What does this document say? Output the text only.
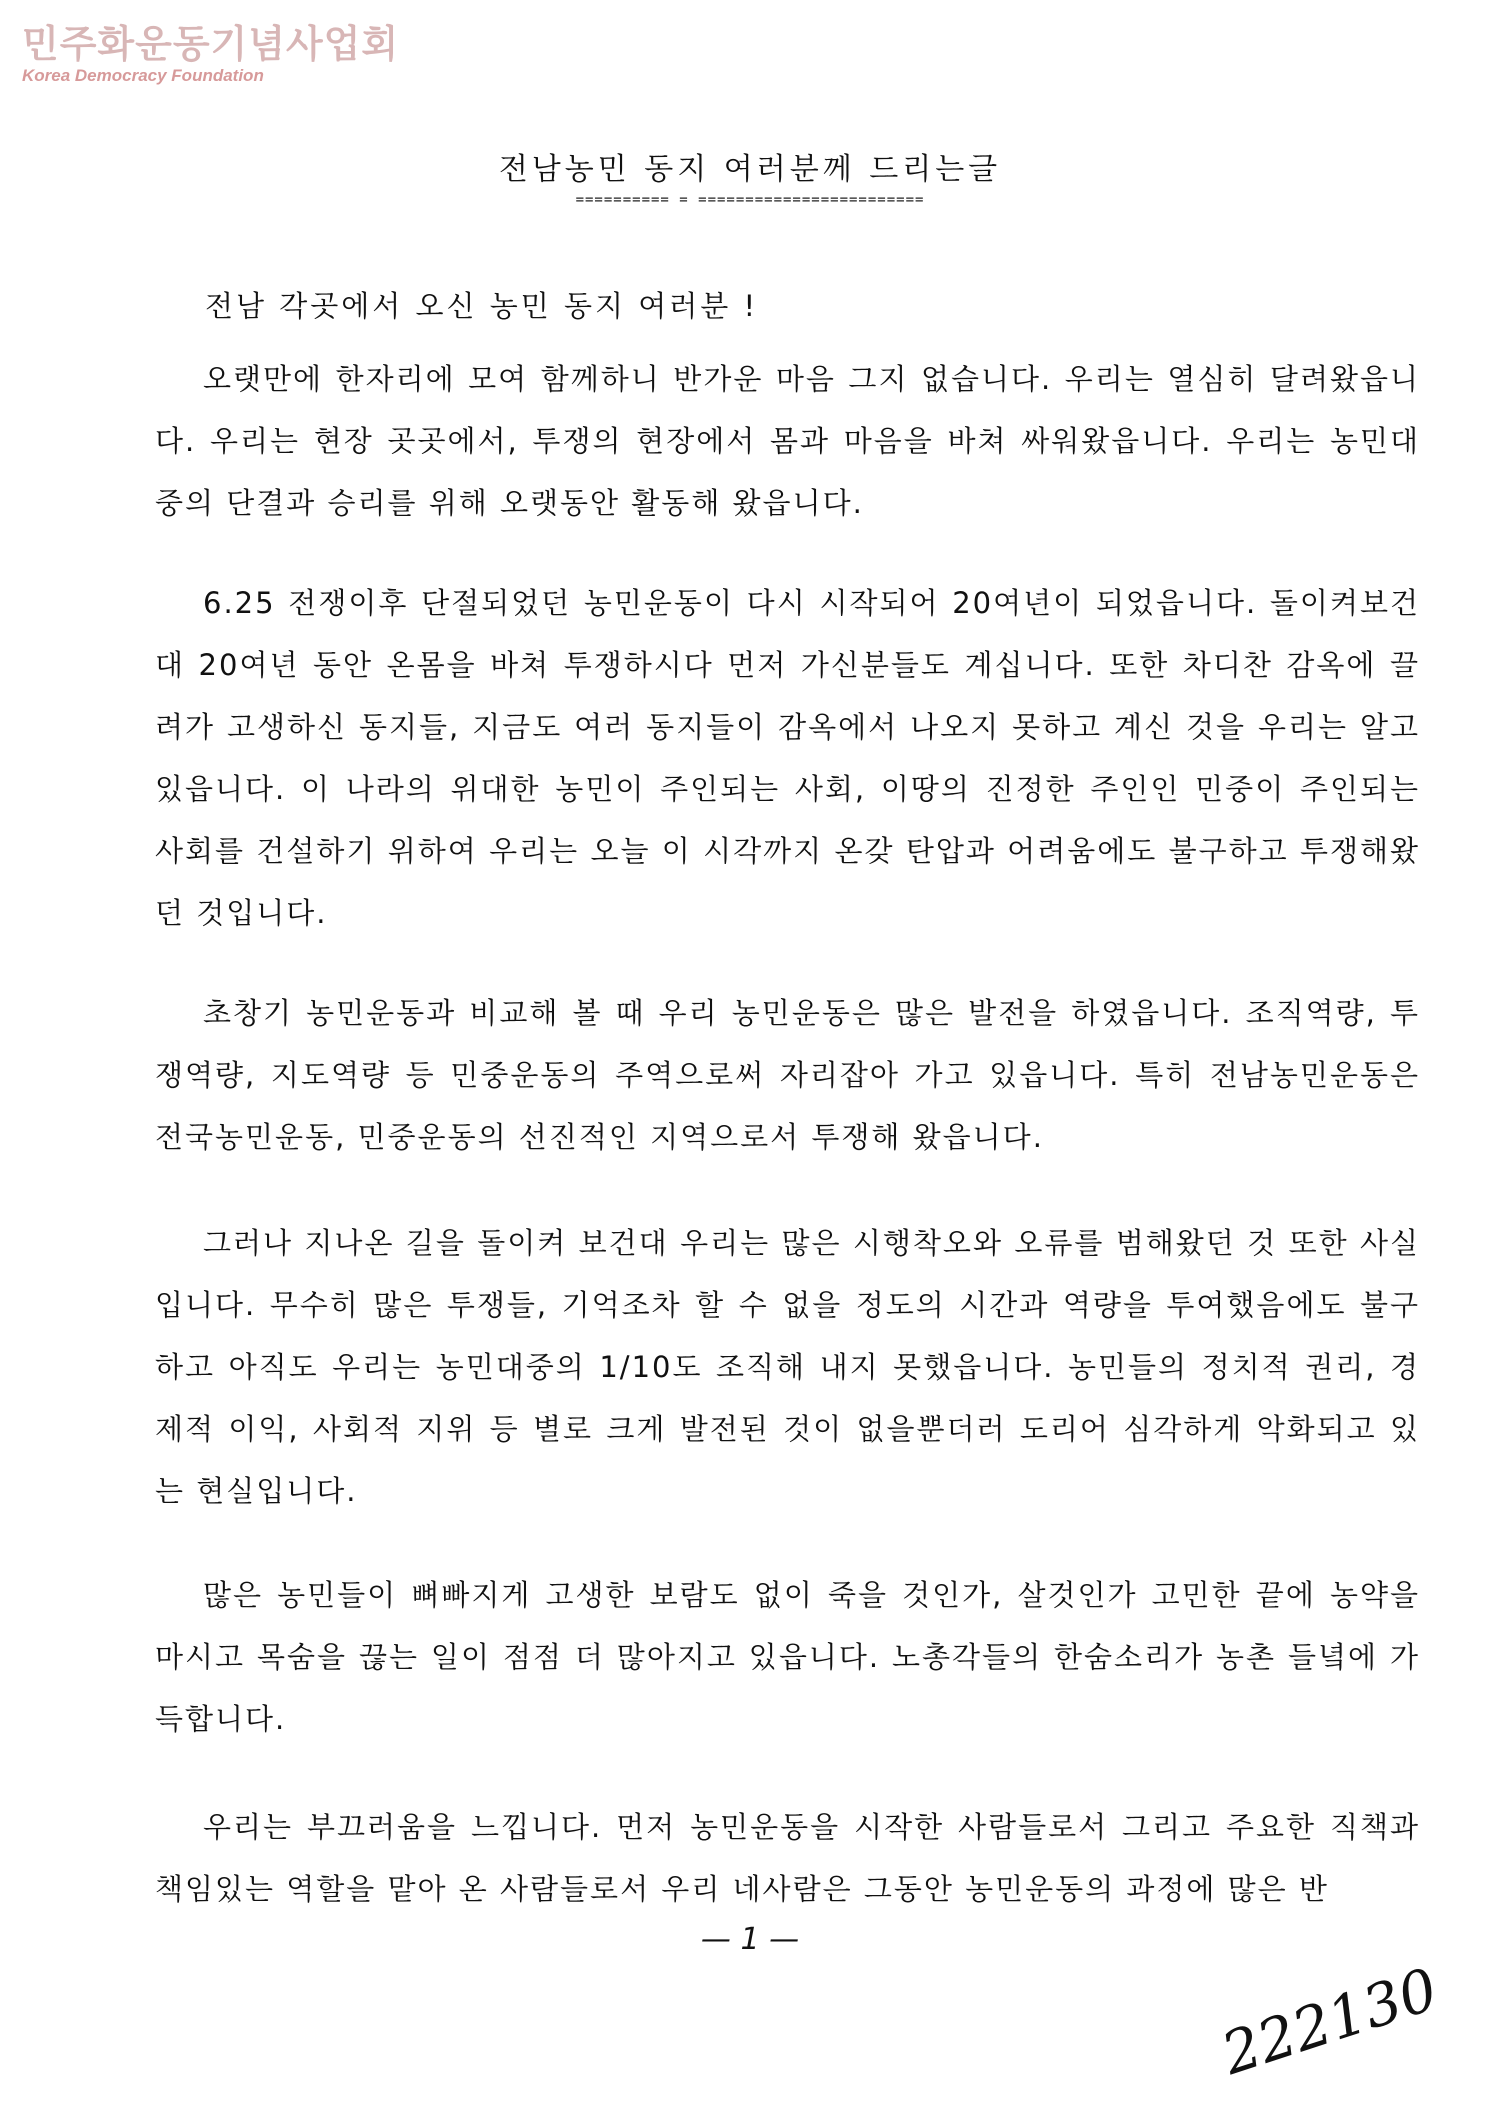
민주화운동기념사업회
Korea Democracy Foundation
전남농민 동지 여러분께 드리는글
========== = ========================
전남 각곳에서 오신 농민 동지 여러분 !

오랫만에 한자리에 모여 함께하니 반가운 마음 그지 없습니다. 우리는 열심히 달려왔읍니다. 우리는 현장 곳곳에서, 투쟁의 현장에서 몸과 마음을 바쳐 싸워왔읍니다. 우리는 농민대중의 단결과 승리를 위해 오랫동안 활동해 왔읍니다.

6.25 전쟁이후 단절되었던 농민운동이 다시 시작되어 20여년이 되었읍니다. 돌이켜보건대 20여년 동안 온몸을 바쳐 투쟁하시다 먼저 가신분들도 계십니다. 또한 차디찬 감옥에 끌려가 고생하신 동지들, 지금도 여러 동지들이 감옥에서 나오지 못하고 계신 것을 우리는 알고 있읍니다. 이 나라의 위대한 농민이 주인되는 사회, 이땅의 진정한 주인인 민중이 주인되는 사회를 건설하기 위하여 우리는 오늘 이 시각까지 온갖 탄압과 어려움에도 불구하고 투쟁해왔던 것입니다.

초창기 농민운동과 비교해 볼 때 우리 농민운동은 많은 발전을 하였읍니다. 조직역량, 투쟁역량, 지도역량 등 민중운동의 주역으로써 자리잡아 가고 있읍니다. 특히 전남농민운동은 전국농민운동, 민중운동의 선진적인 지역으로서 투쟁해 왔읍니다.

그러나 지나온 길을 돌이켜 보건대 우리는 많은 시행착오와 오류를 범해왔던 것 또한 사실입니다. 무수히 많은 투쟁들, 기억조차 할 수 없을 정도의 시간과 역량을 투여했음에도 불구하고 아직도 우리는 농민대중의 1/10도 조직해 내지 못했읍니다. 농민들의 정치적 권리, 경제적 이익, 사회적 지위 등 별로 크게 발전된 것이 없을뿐더러 도리어 심각하게 악화되고 있는 현실입니다.

많은 농민들이 뼈빠지게 고생한 보람도 없이 죽을 것인가, 살것인가 고민한 끝에 농약을 마시고 목숨을 끊는 일이 점점 더 많아지고 있읍니다. 노총각들의 한숨소리가 농촌 들녘에 가득합니다.

우리는 부끄러움을 느낍니다. 먼저 농민운동을 시작한 사람들로서 그리고 주요한 직책과 책임있는 역할을 맡아 온 사람들로서 우리 네사람은 그동안 농민운동의 과정에 많은 반

— 1 —
222130
